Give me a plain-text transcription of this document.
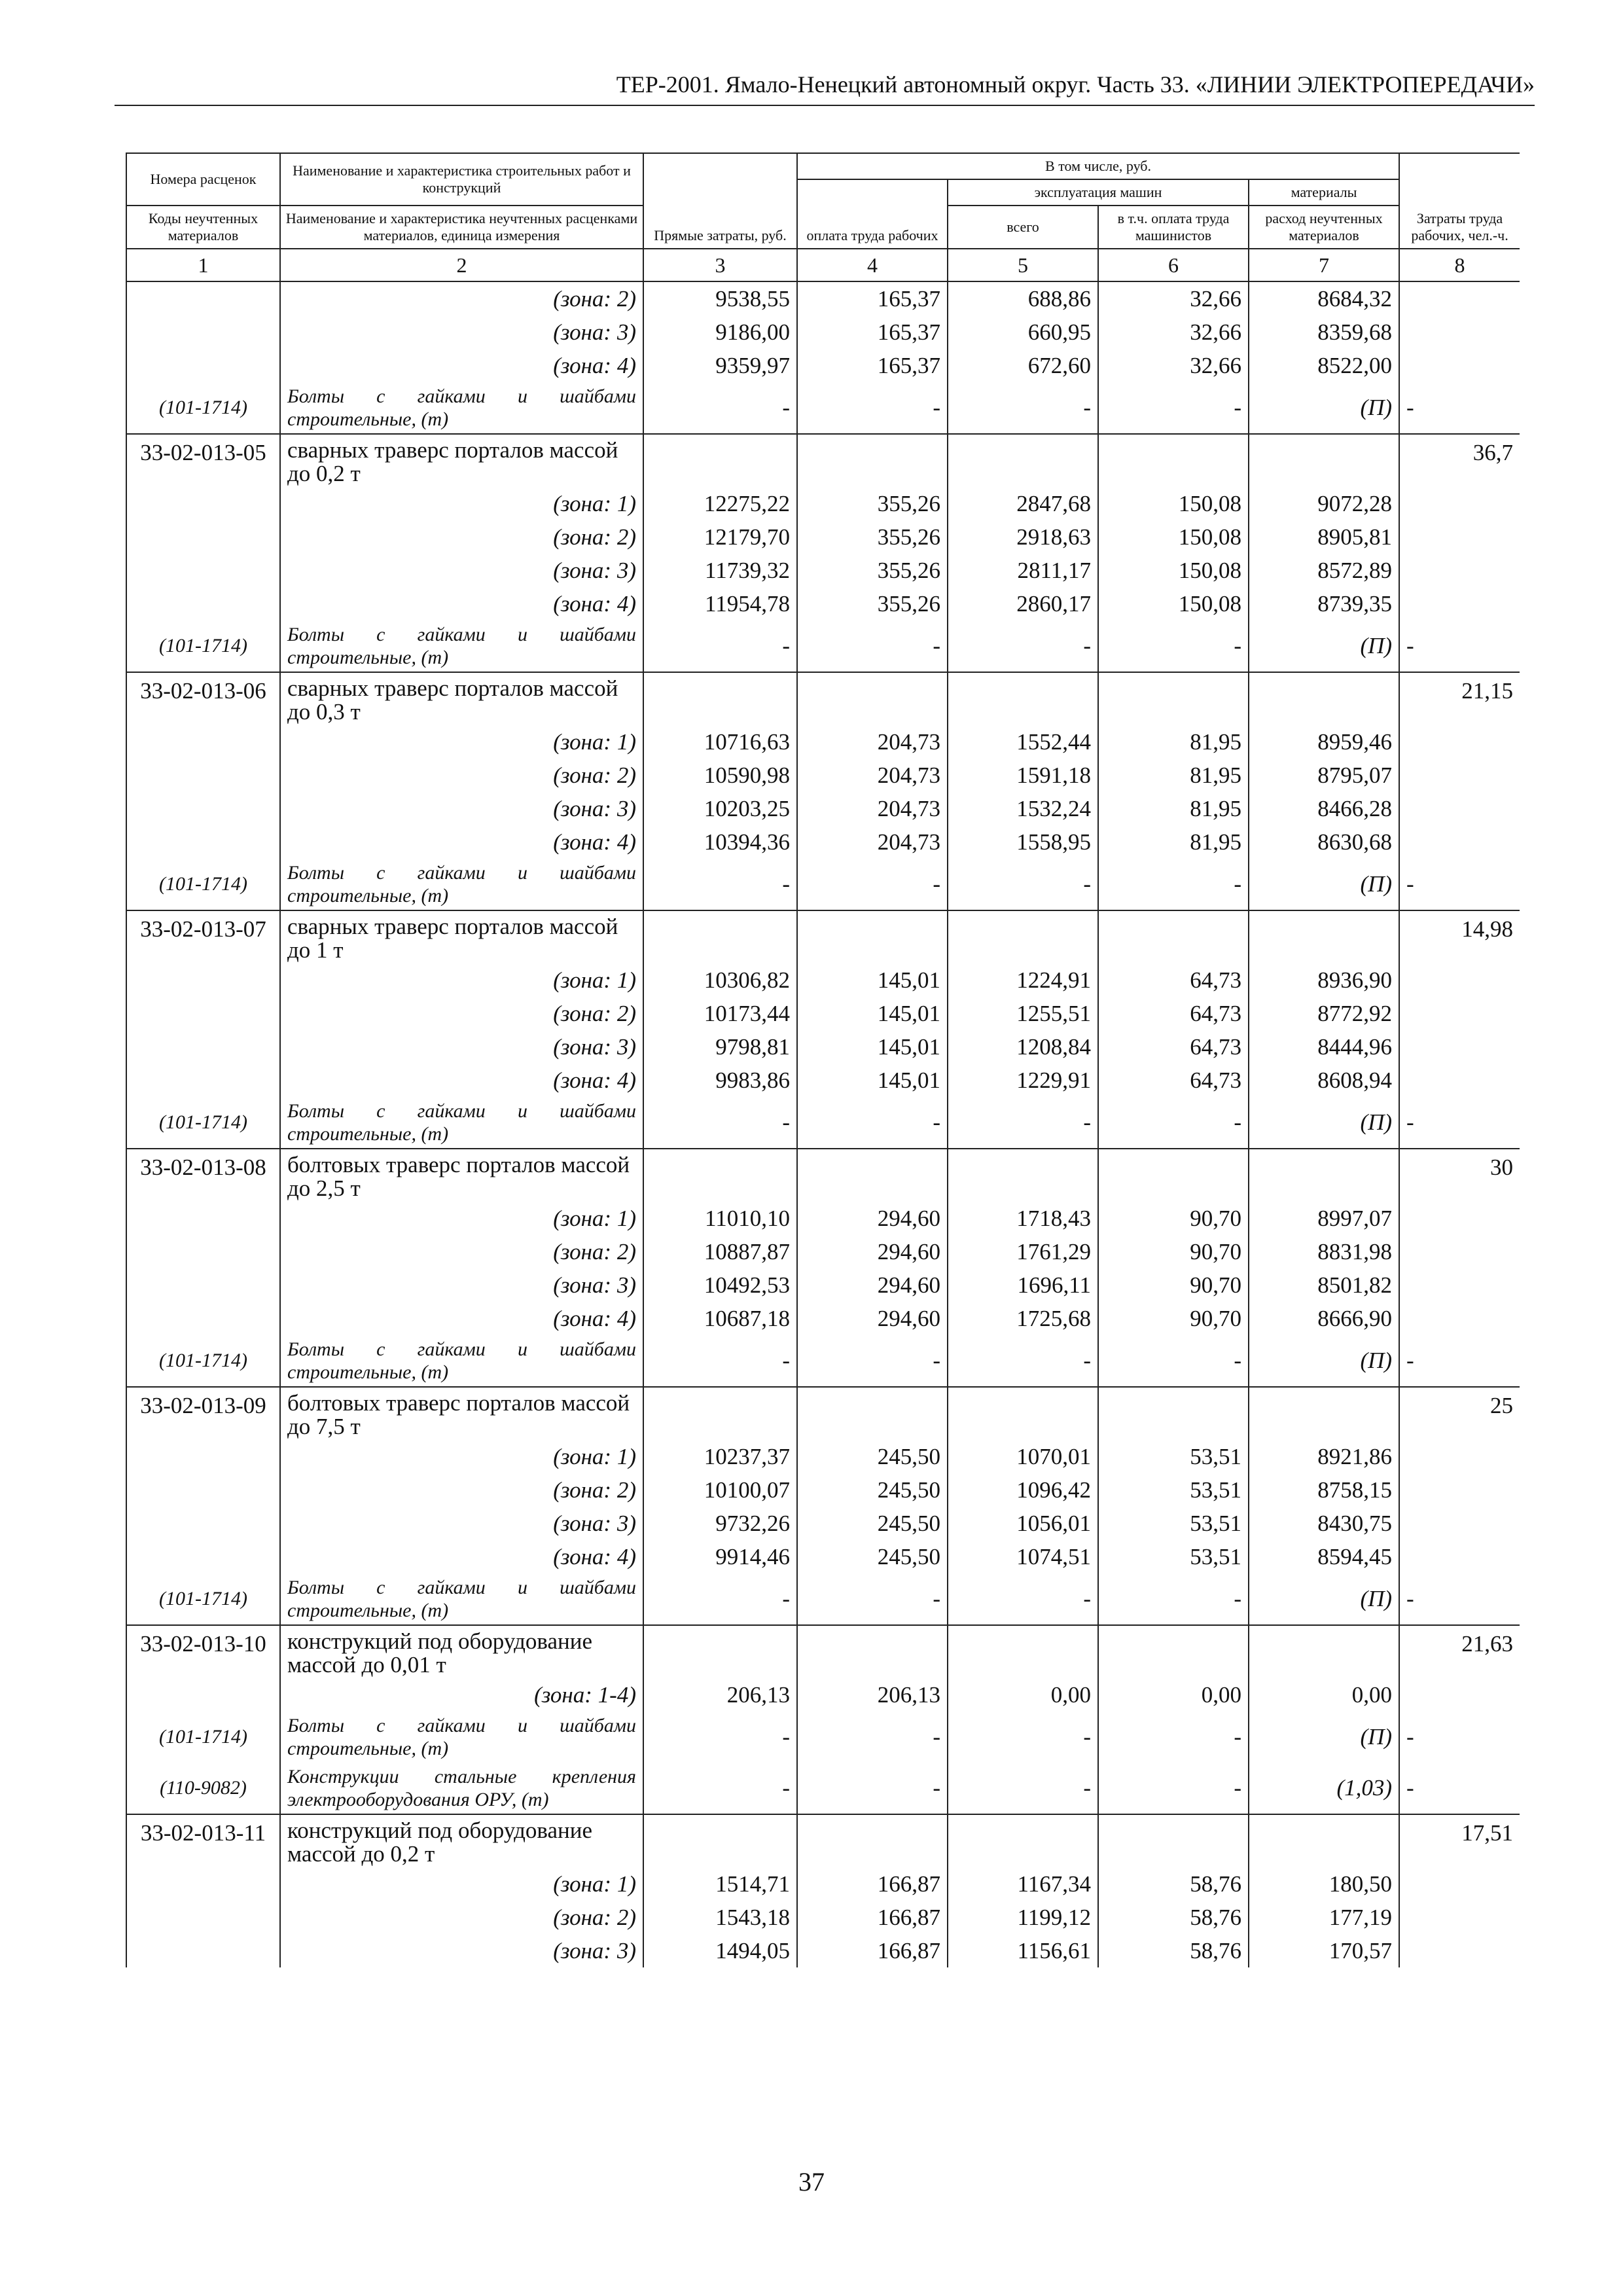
ТЕР-2001. Ямало-Ненецкий автономный округ. Часть 33. «ЛИНИИ ЭЛЕКТРОПЕРЕДАЧИ»
Номера расценок	Наименование и характеристика строительных работ и конструкций	Прямые затраты, руб.	В том числе, руб.				Затраты труда рабочих, чел.-ч.
			оплата труда рабочих	эксплуатация машин		материалы	
Коды неучтенных материалов	Наименование и характеристика неучтенных расценками материалов, единица измерения			всего	в т.ч. оплата труда машинистов	расход неучтенных материалов	
1	2	3	4	5	6	7	8
	(зона: 2)	9538,55	165,37	688,86	32,66	8684,32	
	(зона: 3)	9186,00	165,37	660,95	32,66	8359,68	
	(зона: 4)	9359,97	165,37	672,60	32,66	8522,00	
(101-1714)	Болты с гайками и шайбами строительные, (т)	-	-	-	-	(П)	-
33-02-013-05	сварных траверс порталов массой до 0,2 т						36,7
	(зона: 1)	12275,22	355,26	2847,68	150,08	9072,28	
	(зона: 2)	12179,70	355,26	2918,63	150,08	8905,81	
	(зона: 3)	11739,32	355,26	2811,17	150,08	8572,89	
	(зона: 4)	11954,78	355,26	2860,17	150,08	8739,35	
(101-1714)	Болты с гайками и шайбами строительные, (т)	-	-	-	-	(П)	-
33-02-013-06	сварных траверс порталов массой до 0,3 т						21,15
	(зона: 1)	10716,63	204,73	1552,44	81,95	8959,46	
	(зона: 2)	10590,98	204,73	1591,18	81,95	8795,07	
	(зона: 3)	10203,25	204,73	1532,24	81,95	8466,28	
	(зона: 4)	10394,36	204,73	1558,95	81,95	8630,68	
(101-1714)	Болты с гайками и шайбами строительные, (т)	-	-	-	-	(П)	-
33-02-013-07	сварных траверс порталов массой до 1 т						14,98
	(зона: 1)	10306,82	145,01	1224,91	64,73	8936,90	
	(зона: 2)	10173,44	145,01	1255,51	64,73	8772,92	
	(зона: 3)	9798,81	145,01	1208,84	64,73	8444,96	
	(зона: 4)	9983,86	145,01	1229,91	64,73	8608,94	
(101-1714)	Болты с гайками и шайбами строительные, (т)	-	-	-	-	(П)	-
33-02-013-08	болтовых траверс порталов массой до 2,5 т						30
	(зона: 1)	11010,10	294,60	1718,43	90,70	8997,07	
	(зона: 2)	10887,87	294,60	1761,29	90,70	8831,98	
	(зона: 3)	10492,53	294,60	1696,11	90,70	8501,82	
	(зона: 4)	10687,18	294,60	1725,68	90,70	8666,90	
(101-1714)	Болты с гайками и шайбами строительные, (т)	-	-	-	-	(П)	-
33-02-013-09	болтовых траверс порталов массой до 7,5 т						25
	(зона: 1)	10237,37	245,50	1070,01	53,51	8921,86	
	(зона: 2)	10100,07	245,50	1096,42	53,51	8758,15	
	(зона: 3)	9732,26	245,50	1056,01	53,51	8430,75	
	(зона: 4)	9914,46	245,50	1074,51	53,51	8594,45	
(101-1714)	Болты с гайками и шайбами строительные, (т)	-	-	-	-	(П)	-
33-02-013-10	конструкций под оборудование массой до 0,01 т						21,63
	(зона: 1-4)	206,13	206,13	0,00	0,00	0,00	
(101-1714)	Болты с гайками и шайбами строительные, (т)	-	-	-	-	(П)	-
(110-9082)	Конструкции стальные крепления электрооборудования ОРУ, (т)	-	-	-	-	(1,03)	-
33-02-013-11	конструкций под оборудование массой до 0,2 т						17,51
	(зона: 1)	1514,71	166,87	1167,34	58,76	180,50	
	(зона: 2)	1543,18	166,87	1199,12	58,76	177,19	
	(зона: 3)	1494,05	166,87	1156,61	58,76	170,57	
37
